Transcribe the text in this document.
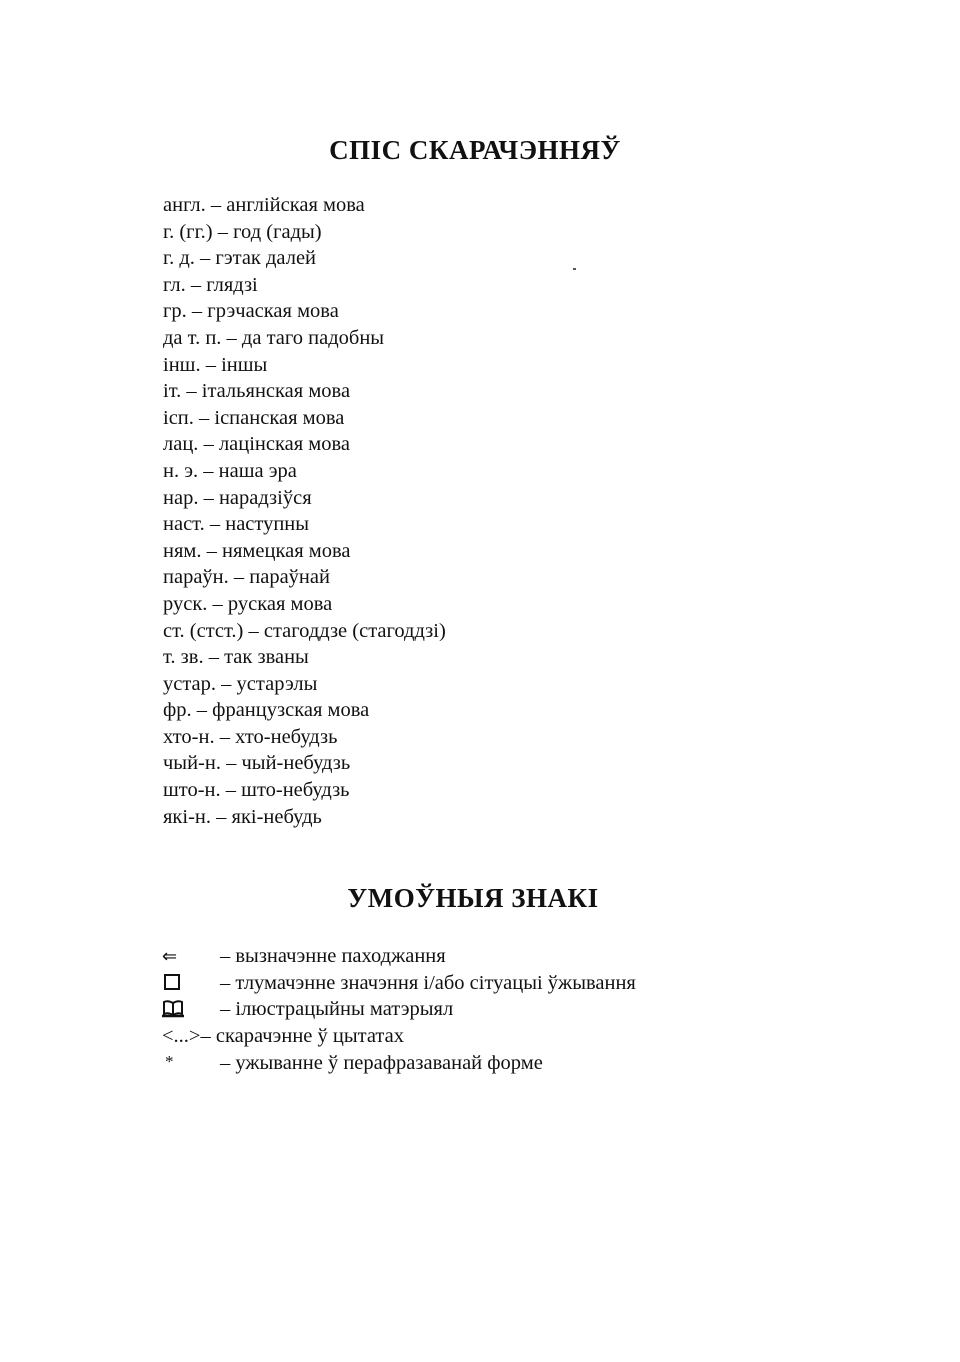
СПІС СКАРАЧЭННЯЎ
англ. – англійская мова
г. (гг.) – год (гады)
г. д. – гэтак далей
гл. – глядзі
гр. – грэчаская мова
да т. п. – да таго падобны
інш. – іншы
іт. – італьянская мова
ісп. – іспанская мова
лац. – лацінская мова
н. э. – наша эра
нар. – нарадзіўся
наст. – наступны
ням. – нямецкая мова
параўн. – параўнай
руск. – руская мова
ст. (стст.) – стагоддзе (стагоддзі)
т. зв. – так званы
устар. – устарэлы
фр. – французская мова
хто-н. – хто-небудзь
чый-н. – чый-небудзь
што-н. – што-небудзь
які-н. – які-небудь
УМОЎНЫЯ ЗНАКІ
⇐ – вызначэнне паходжання
– тлумачэнне значэння і/або сітуацыі ўжывання
– ілюстрацыйны матэрыял
<...>– скарачэнне ў цытатах
* – ужыванне ў перафразаванай форме
